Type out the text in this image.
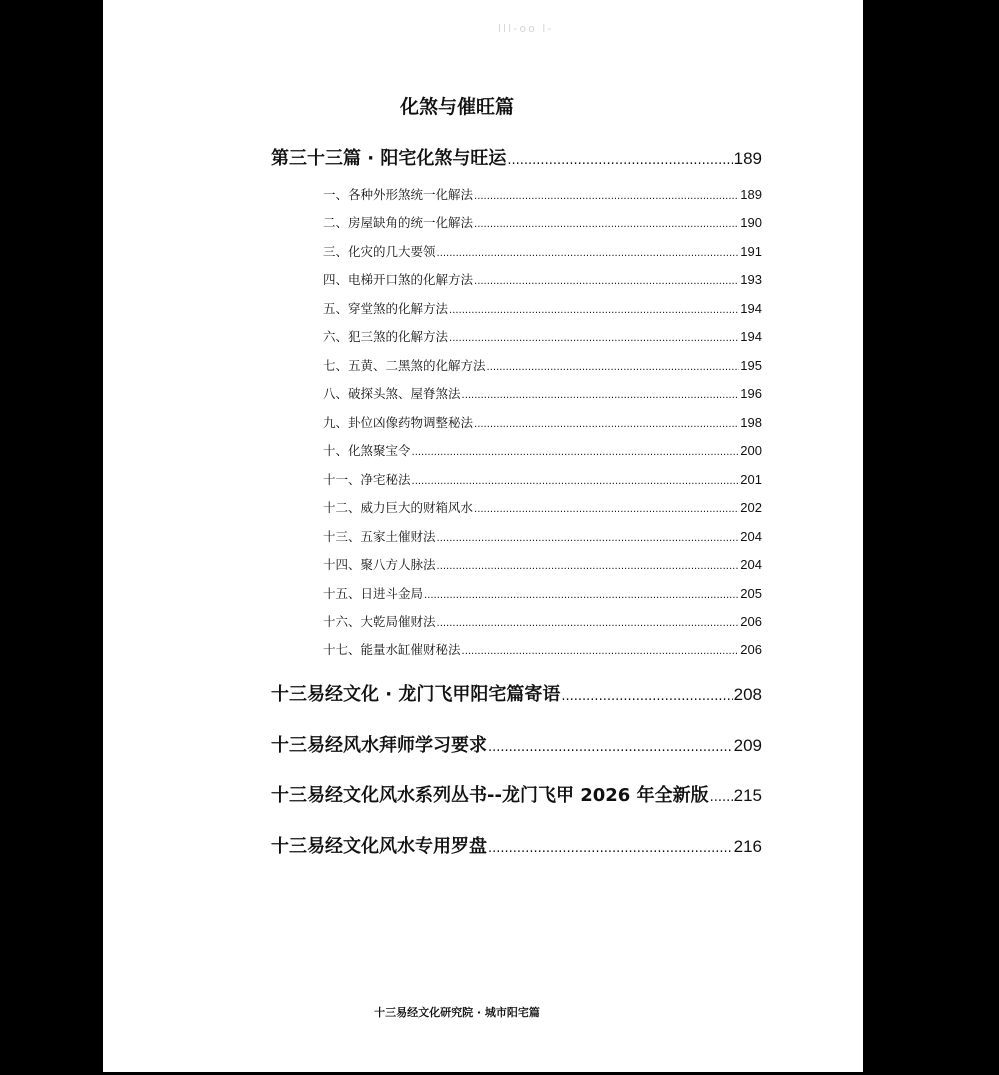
lll-oo l-
化煞与催旺篇
第三十三篇 · 阳宅化煞与旺运 .....	189
一、各种外形煞统一化解法 .....	189
二、房屋缺角的统一化解法 .....	190
三、化灾的几大要领 .....	191
四、电梯开口煞的化解方法 .....	193
五、穿堂煞的化解方法 .....	194
六、犯三煞的化解方法 .....	194
七、五黄、二黑煞的化解方法 .....	195
八、破探头煞、屋脊煞法 .....	196
九、卦位凶像药物调整秘法 .....	198
十、化煞聚宝令 .....	200
十一、净宅秘法 .....	201
十二、威力巨大的财箱风水 .....	202
十三、五家土催财法 .....	204
十四、聚八方人脉法 .....	204
十五、日进斗金局 .....	205
十六、大乾局催财法 .....	206
十七、能量水缸催财秘法 .....	206
十三易经文化 · 龙门飞甲阳宅篇寄语 .....	208
十三易经风水拜师学习要求 .....	209
十三易经文化风水系列丛书--龙门飞甲 2026 年全新版 ..... 215
十三易经文化风水专用罗盘 .....	216
十三易经文化研究院 · 城市阳宅篇
